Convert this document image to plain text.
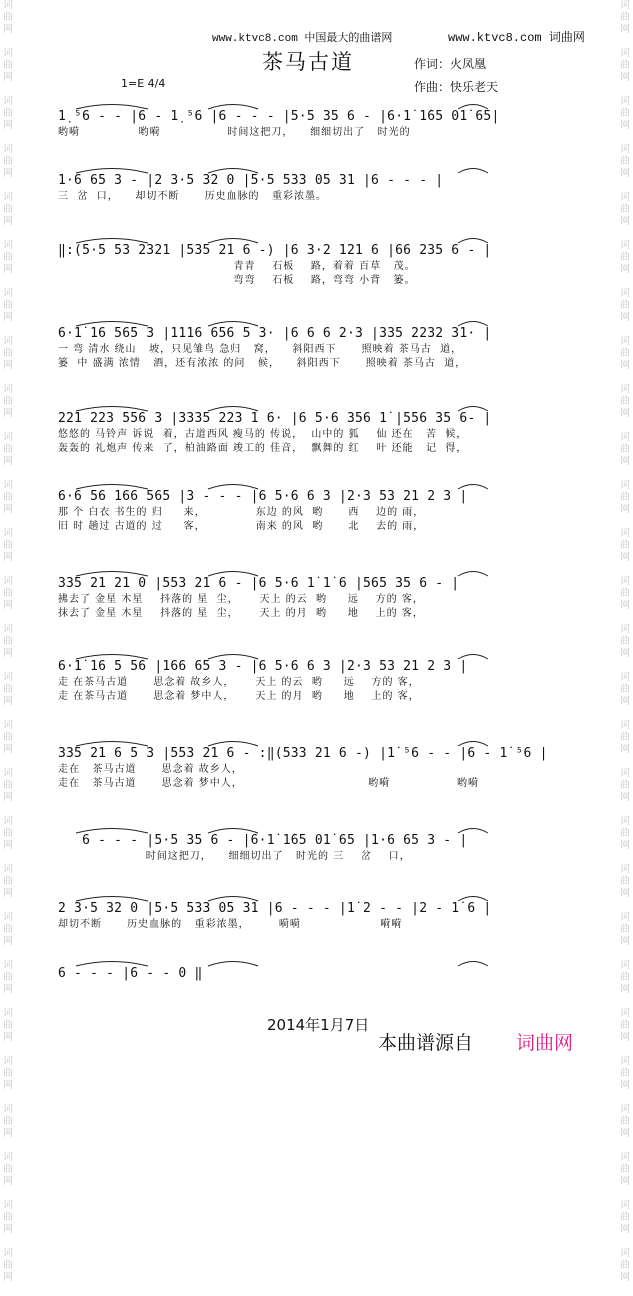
词
曲
网
词
曲
网
词
曲
网
词
曲
网
词
曲
网
词
曲
网
词
曲
网
词
曲
网
词
曲
网
词
曲
网
词
曲
网
词
曲
网
词
曲
网
词
曲
网
词
曲
网
词
曲
网
词
曲
网
词
曲
网
词
曲
网
词
曲
网
词
曲
网
词
曲
网
词
曲
网
词
曲
网
词
曲
网
词
曲
网
词
曲
网
词
曲
网
词
曲
网
词
曲
网
词
曲
网
词
曲
网
词
曲
网
词
曲
网
词
曲
网
词
曲
网
词
曲
网
词
曲
网
词
曲
网
词
曲
网
词
曲
网
词
曲
网
词
曲
网
词
曲
网
词
曲
网
词
曲
网
词
曲
网
词
曲
网
词
曲
网
词
曲
网
词
曲
网
词
曲
网
词
曲
网
词
曲
网
www.ktvc8.com 中国最大的曲谱网	www.ktvc8.com 词曲网
茶马古道	作词：火凤凰
作曲：快乐老天
1=E 4/4
1̣ ⁵6 - - |6 - 1̣ ⁵6 |6 - - - |5·5 35 6 - |6·1̇ 1̇65 01̇ 65|
哟嗬              哟嗬                时间这把刀，    细细切出了   时光的
1·6 65 3 - |2 3·5 32 0 |5·5 533 05 31 |6 - - - |
三  岔  口，    却切不断      历史血脉的   重彩浓墨。
‖:(5·5 53 2321 |535 21 6 -) |6 3·2 121 6 |66 235 6 - |
青青    石板    路，着着 百草   茂。
弯弯    石板    路，弯弯 小背   篓。
6·1̇ 16 565 3 |1116 656 5 3· |6 6 6 2·3 |335 2232 31· |
一 弯 清水 绕山   坡，只见雏鸟 急归   窝，    斜阳西下      照映着 茶马古  道，
篓  中 盛满 浓情   酒，还有浓浓 的问   候，    斜阳西下      照映着 茶马古  道，
221 223 556 3 |3335 223 1 6· |6 5·6 356 1̇ |556 35 6- |
悠悠的 马铃声 诉说  着，古道西风 瘦马的 传说，  山中的 狐    仙 还在   苦  候，
轰轰的 礼炮声 传来  了，柏油路面 竣工的 佳音，  飘舞的 红    叶 还能   记  得，
6·6 56 166 565 |3 - - - |6 5·6 6 3 |2·3 53 21 2 3 |
那 个 白衣 书生的 归     来，            东边 的风  哟      西    边的 雨，
旧 时 趟过 古道的 过     客，            南来 的风  哟      北    去的 雨，
335 21 21 0 |553 21 6 - |6 5·6 1̇ 1̇ 6 |565 35 6 - |
拂去了 金星 木星    抖落的 星  尘，     天上 的云  哟     远    方的 客，
抹去了 金星 木星    抖落的 星  尘，     天上 的月  哟     地    上的 客，
6·1̇ 16 5 56 |166 65 3 - |6 5·6 6 3 |2·3 53 21 2 3 |
走 在茶马古道      思念着 故乡人，     天上 的云  哟     远    方的 客，
走 在茶马古道      思念着 梦中人，     天上 的月  哟     地    上的 客，
335 21 6 5 3 |553 21 6 - :‖(533 21 6 -) |1̇ ⁵6 - - |6 - 1̇ ⁵6 |
走在   茶马古道      思念着 故乡人，
走在   茶马古道      思念着 梦中人，                              哟嗬                哟嗬
6 - - - |5·5 35 6 - |6·1̇ 1̇65 01̇ 65 |1·6 65 3 - |
时间这把刀，    细细切出了   时光的 三    岔    口，
2 3·5 32 0 |5·5 533 05 31 |6 - - - |1̇ 2 - - |2 - 1̇ 6 |
却切不断      历史血脉的   重彩浓墨，       嗬嗬                   嗬嗬
6 - - - |6 - - 0 ‖
2014年1月7日
本曲谱源自 词曲网
